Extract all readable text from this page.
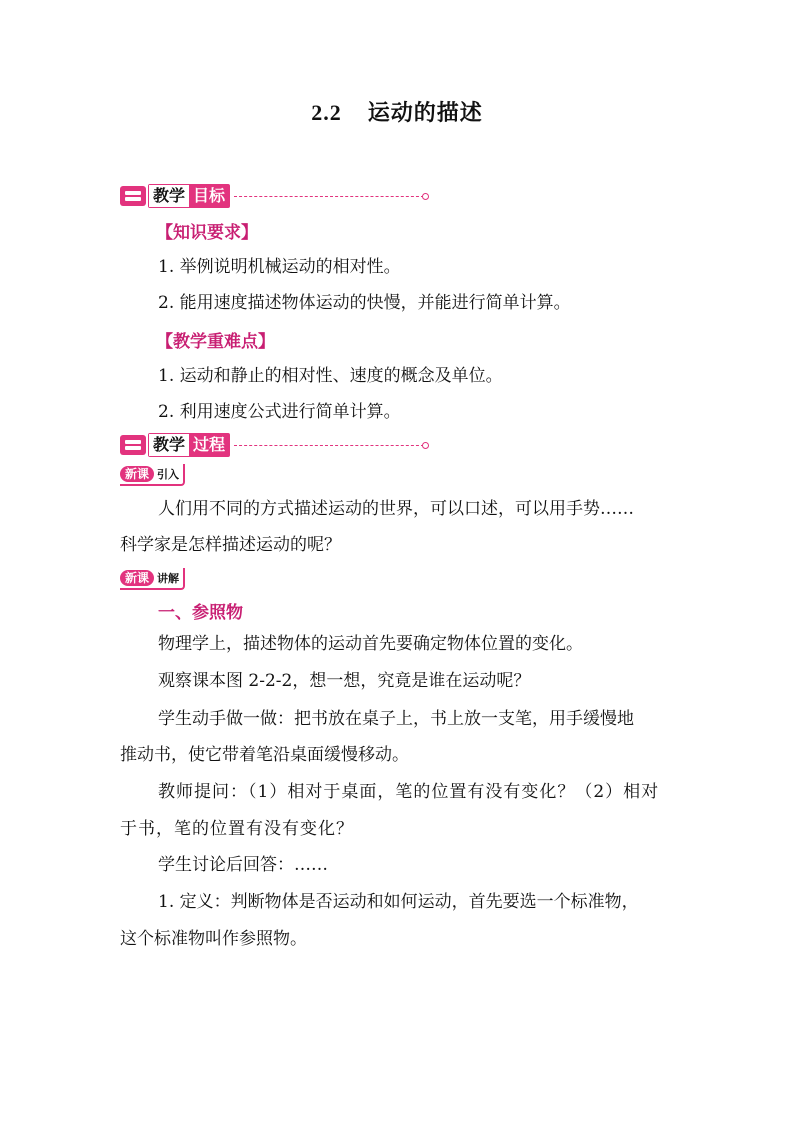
2.2 运动的描述
教学 目标
【知识要求】
1. 举例说明机械运动的相对性。
2. 能用速度描述物体运动的快慢，并能进行简单计算。
【教学重难点】
1. 运动和静止的相对性、速度的概念及单位。
2. 利用速度公式进行简单计算。
教学 过程
新课 引入
人们用不同的方式描述运动的世界，可以口述，可以用手势……
科学家是怎样描述运动的呢？
新课 讲解
一、参照物
物理学上，描述物体的运动首先要确定物体位置的变化。
观察课本图 2-2-2，想一想，究竟是谁在运动呢？
学生动手做一做：把书放在桌子上，书上放一支笔，用手缓慢地
推动书，使它带着笔沿桌面缓慢移动。
教师提问：（1）相对于桌面，笔的位置有没有变化？（2）相对
于书，笔的位置有没有变化？
学生讨论后回答：……
1. 定义：判断物体是否运动和如何运动，首先要选一个标准物，
这个标准物叫作参照物。
